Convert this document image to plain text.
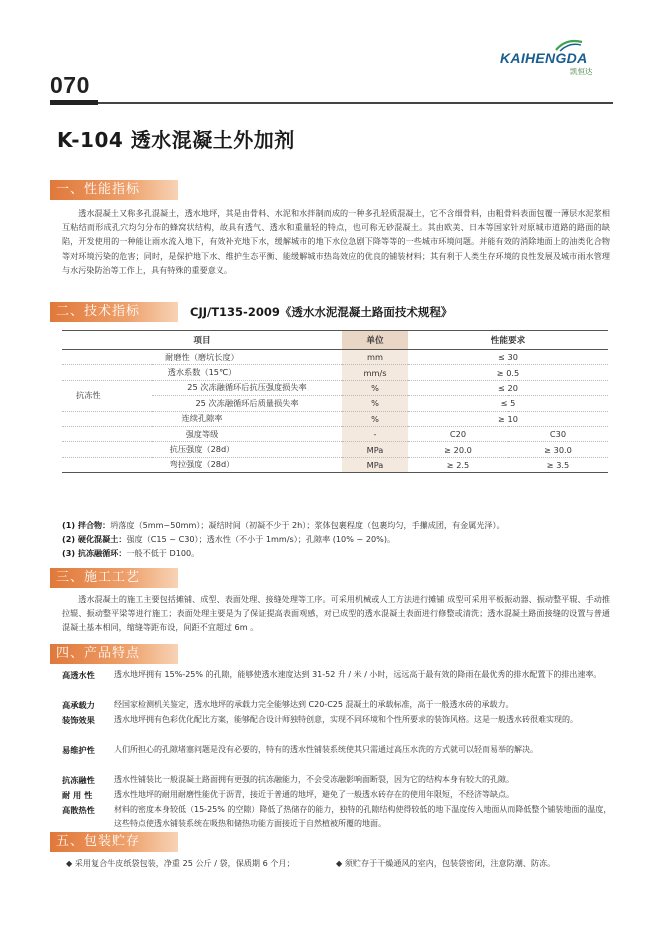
070
KAIHENGDA
凯恒达
K-104 透水混凝土外加剂
一、性能指标
透水混凝土又称多孔混凝土，透水地坪，其是由骨料、水泥和水拌制而成的一种多孔轻质混凝土，它不含细骨料，由粗骨料表面包覆一薄层水泥浆相互粘结而形成孔穴均匀分布的蜂窝状结构，故具有透气、透水和重量轻的特点，也可称无砂混凝土。其由欧美、日本等国家针对原城市道路的路面的缺陷，开发使用的一种能让雨水流入地下，有效补充地下水，缓解城市的地下水位急剧下降等等的一些城市环境问题。并能有效的消除地面上的油类化合物等对环境污染的危害；同时，是保护地下水、维护生态平衡、能缓解城市热岛效应的优良的铺装材料；其有利于人类生存环境的良性发展及城市雨水管理与水污染防治等工作上，具有特殊的重要意义。
二、技术指标	CJJ/T135-2009《透水水泥混凝土路面技术规程》
项目		单位	性能要求	
耐磨性（磨坑长度）		mm	≤ 30	
透水系数（15℃）		mm/s	≥ 0.5	
抗冻性	25 次冻融循环后抗压强度损失率	%	≤ 20	
	25 次冻融循环后质量损失率	%	≤ 5	
连续孔隙率		%	≥ 10	
强度等级		-	C20	C30
抗压强度（28d）		MPa	≥ 20.0	≥ 30.0
弯拉强度（28d）		MPa	≥ 2.5	≥ 3.5
(1) 拌合物：坍落度（5mm~50mm）；凝结时间（初凝不少于 2h）；浆体包裹程度（包裹均匀，手攥成团，有金属光泽）。
(2) 硬化混凝土：强度（C15 ~ C30）；透水性（不小于 1mm/s）；孔隙率 (10% ~ 20%)。
(3) 抗冻融循环：一般不低于 D100。
三、施工工艺
透水混凝土的施工主要包括摊铺、成型、表面处理、接缝处理等工序。可采用机械或人工方法进行摊铺 成型可采用平板振动器、振动整平辊、手动推拉辊、振动整平梁等进行施工；表面处理主要是为了保证提高表面观感，对已成型的透水混凝土表面进行修整或清洗；透水混凝土路面接缝的设置与普通混凝土基本相同，缩缝等距布设，间距不宜超过 6m 。
四、产品特点
高透水性	透水地坪拥有 15%-25% 的孔隙，能够使透水速度达到 31-52 升 / 米 / 小时，远远高于最有效的降雨在最优秀的排水配置下的排出速率。
高承载力	经国家检测机关鉴定，透水地坪的承载力完全能够达到 C20-C25 混凝土的承载标准，高于一般透水砖的承载力。
装饰效果	透水地坪拥有色彩优化配比方案，能够配合设计师独特创意，实现不同环境和个性所要求的装饰风格。这是一般透水砖很难实现的。
易维护性	人们所担心的孔隙堵塞问题是没有必要的，特有的透水性铺装系统使其只需通过高压水洗的方式就可以轻而易举的解决。
抗冻融性	透水性铺装比一般混凝土路面拥有更强的抗冻融能力，不会受冻融影响面断裂，因为它的结构本身有较大的孔隙。
耐 用 性	透水性地坪的耐用耐磨性能优于沥青，接近于普通的地坪，避免了一般透水砖存在的使用年限短，不经济等缺点。
高散热性	材料的密度本身较低（15-25% 的空隙）降低了热储存的能力，独特的孔隙结构使得较低的地下温度传入地面从而降低整个铺装地面的温度，这些特点使透水铺装系统在吸热和储热功能方面接近于自然植被所覆的地面。
五、包装贮存
◆ 采用复合牛皮纸袋包装，净重 25 公斤 / 袋，保质期 6 个月；	◆ 须贮存于干燥通风的室内，包装袋密闭，注意防潮、防冻。
